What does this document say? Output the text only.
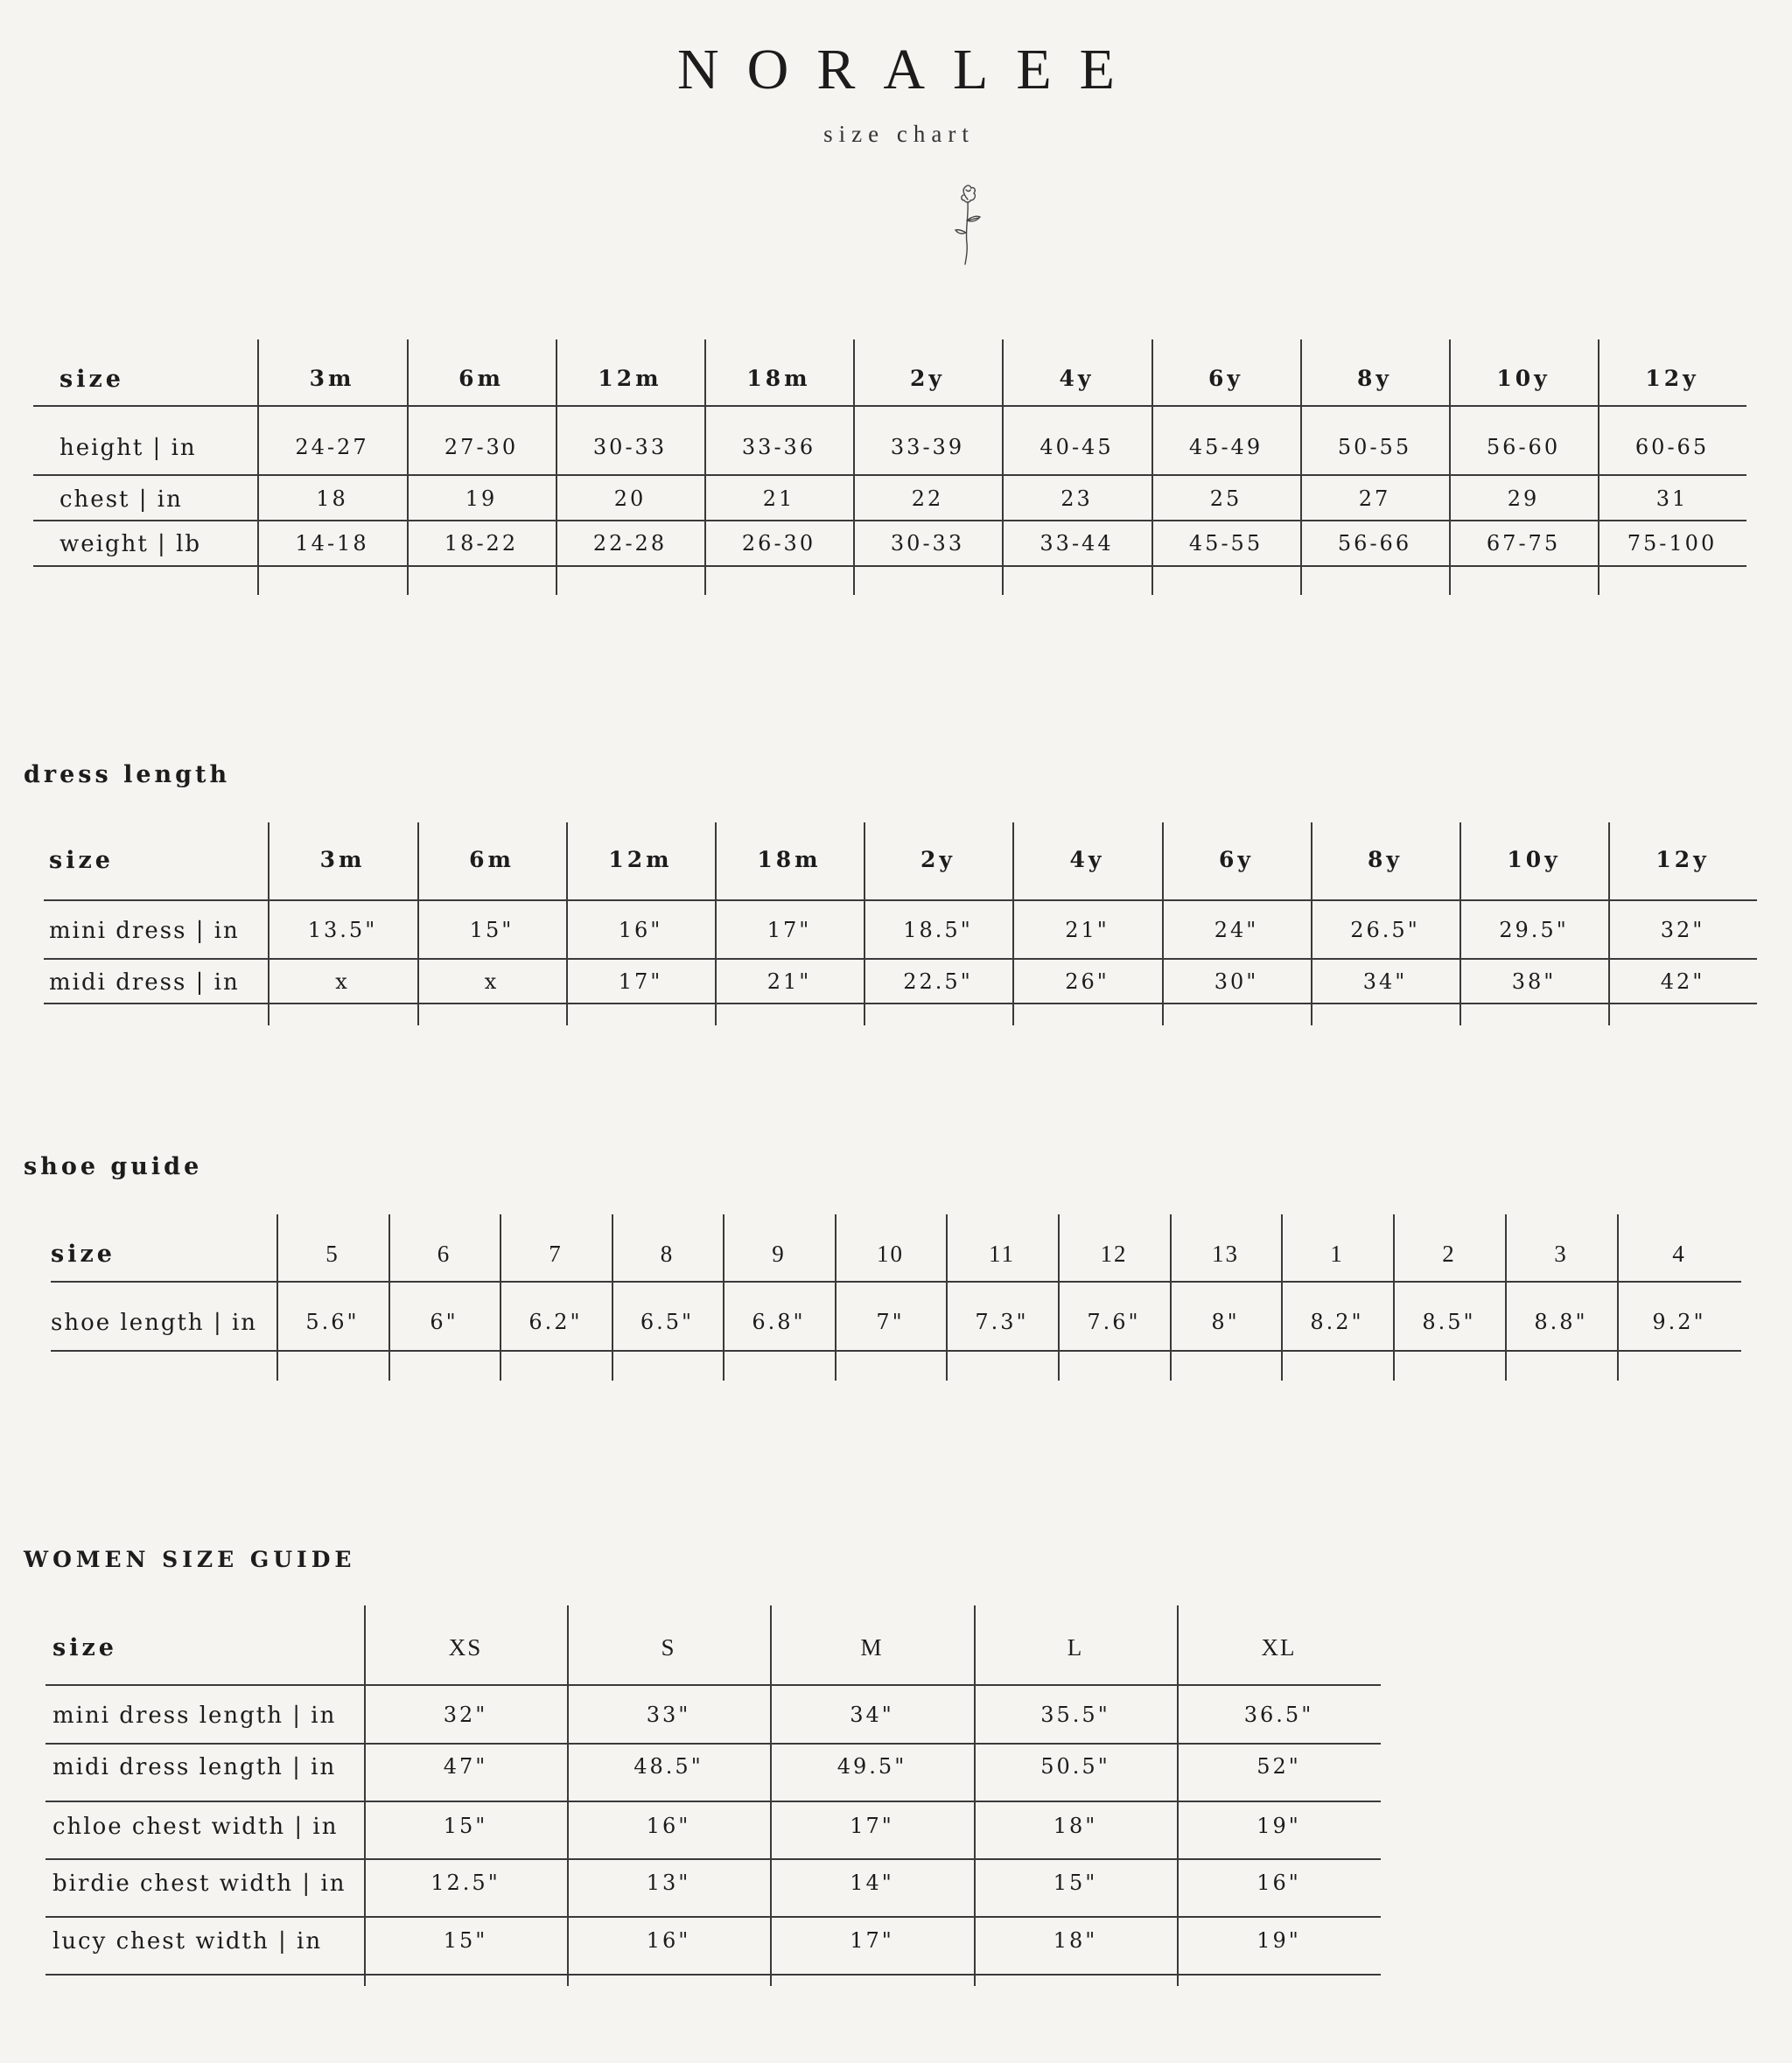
NORALEE
size chart
size	3m	6m	12m	18m	2y	4y	6y	8y	10y	12y
height | in	24-27	27-30	30-33	33-36	33-39	40-45	45-49	50-55	56-60	60-65
chest | in	18	19	20	21	22	23	25	27	29	31
weight | lb	14-18	18-22	22-28	26-30	30-33	33-44	45-55	56-66	67-75	75-100
dress length
size	3m	6m	12m	18m	2y	4y	6y	8y	10y	12y
mini dress | in	13.5"	15"	16"	17"	18.5"	21"	24"	26.5"	29.5"	32"
midi dress | in	x	x	17"	21"	22.5"	26"	30"	34"	38"	42"
shoe guide
size	5	6	7	8	9	10	11	12	13	1	2	3	4
shoe length | in	5.6"	6"	6.2"	6.5"	6.8"	7"	7.3"	7.6"	8"	8.2"	8.5"	8.8"	9.2"
WOMEN SIZE GUIDE
size	XS	S	M	L	XL
mini dress length | in	32"	33"	34"	35.5"	36.5"
midi dress length | in	47"	48.5"	49.5"	50.5"	52"
chloe chest width | in	15"	16"	17"	18"	19"
birdie chest width | in	12.5"	13"	14"	15"	16"
lucy chest width | in	15"	16"	17"	18"	19"
